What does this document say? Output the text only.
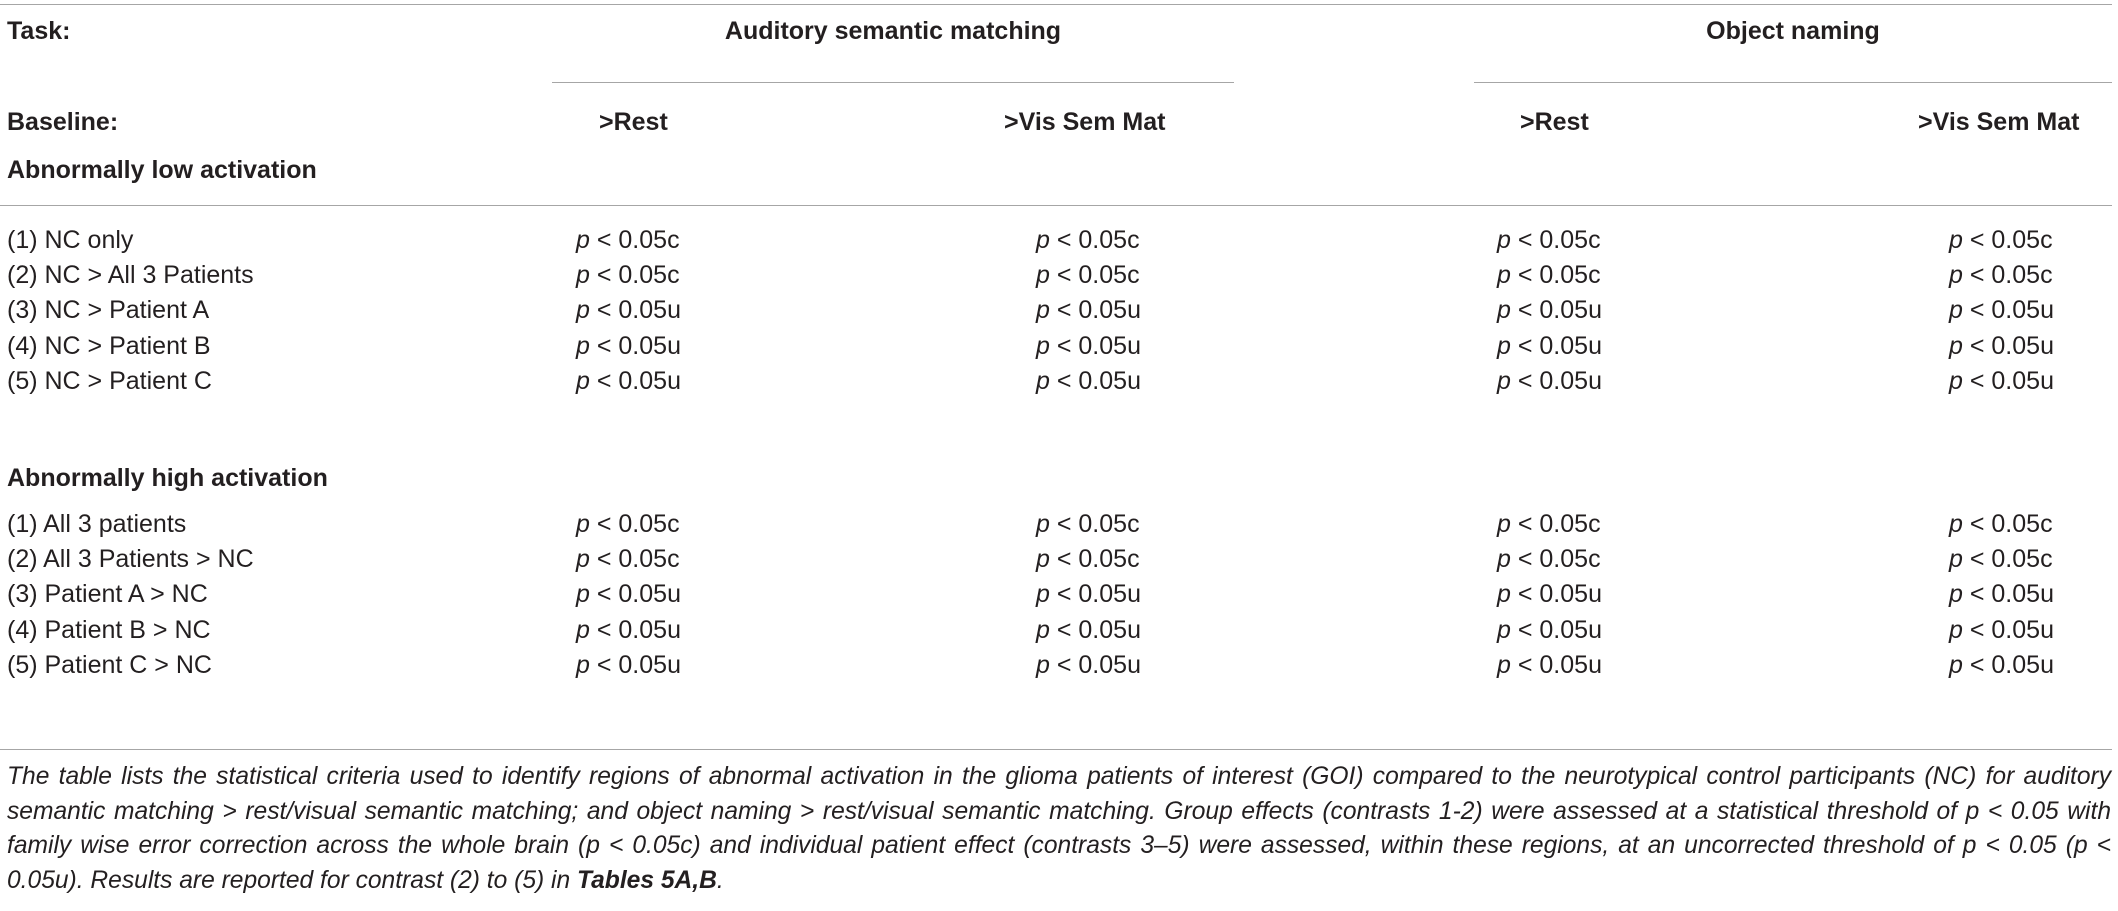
Task:	Auditory semantic matching	Object naming
Baseline:	>Rest	>Vis Sem Mat	>Rest	>Vis Sem Mat
Abnormally low activation
(1) NC only	p < 0.05c	p < 0.05c	p < 0.05c	p < 0.05c
(2) NC > All 3 Patients	p < 0.05c	p < 0.05c	p < 0.05c	p < 0.05c
(3) NC > Patient A	p < 0.05u	p < 0.05u	p < 0.05u	p < 0.05u
(4) NC > Patient B	p < 0.05u	p < 0.05u	p < 0.05u	p < 0.05u
(5) NC > Patient C	p < 0.05u	p < 0.05u	p < 0.05u	p < 0.05u
Abnormally high activation
(1) All 3 patients	p < 0.05c	p < 0.05c	p < 0.05c	p < 0.05c
(2) All 3 Patients > NC	p < 0.05c	p < 0.05c	p < 0.05c	p < 0.05c
(3) Patient A > NC	p < 0.05u	p < 0.05u	p < 0.05u	p < 0.05u
(4) Patient B > NC	p < 0.05u	p < 0.05u	p < 0.05u	p < 0.05u
(5) Patient C > NC	p < 0.05u	p < 0.05u	p < 0.05u	p < 0.05u

The table lists the statistical criteria used to identify regions of abnormal activation in the glioma patients of interest (GOI) compared to the neurotypical control participants (NC) for auditory semantic matching > rest/visual semantic matching; and object naming > rest/visual semantic matching. Group effects (contrasts 1-2) were assessed at a statistical threshold of p < 0.05 with family wise error correction across the whole brain (p < 0.05c) and individual patient effect (contrasts 3–5) were assessed, within these regions, at an uncorrected threshold of p < 0.05 (p < 0.05u). Results are reported for contrast (2) to (5) in Tables 5A,B.
